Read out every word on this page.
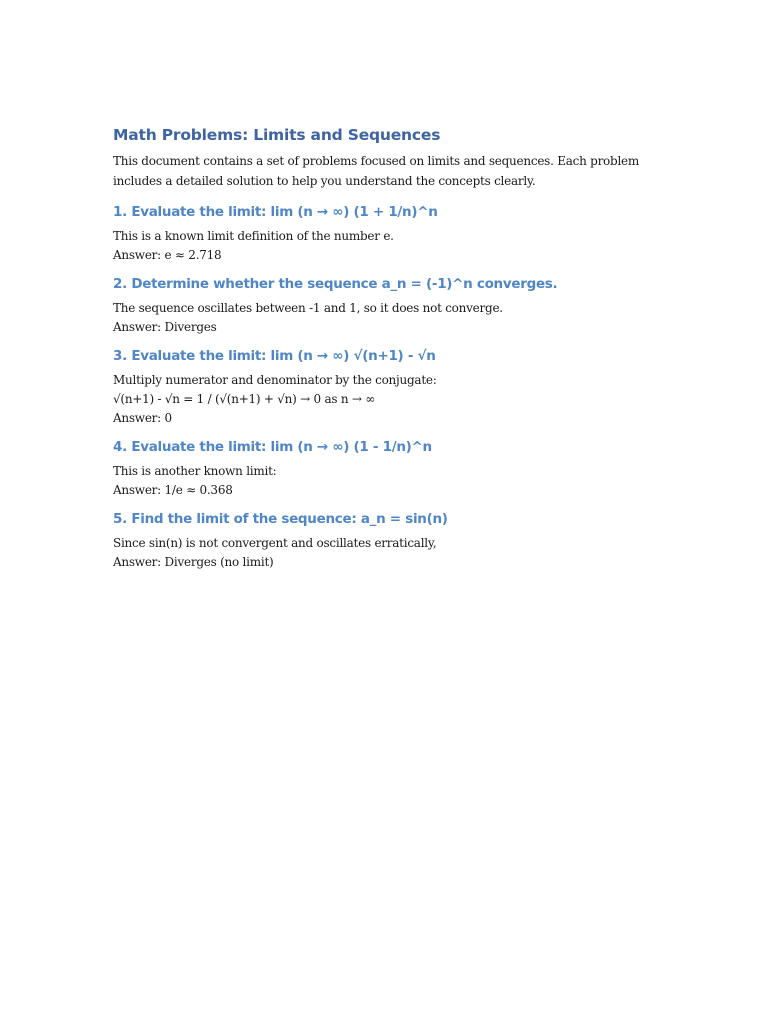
Math Problems: Limits and Sequences

This document contains a set of problems focused on limits and sequences. Each problem includes a detailed solution to help you understand the concepts clearly.

1. Evaluate the limit: lim (n → ∞) (1 + 1/n)^n

This is a known limit definition of the number e.

Answer: e ≈ 2.718

2. Determine whether the sequence a_n = (-1)^n converges.

The sequence oscillates between -1 and 1, so it does not converge.

Answer: Diverges

3. Evaluate the limit: lim (n → ∞) √(n+1) - √n

Multiply numerator and denominator by the conjugate:

√(n+1) - √n = 1 / (√(n+1) + √n) → 0 as n → ∞

Answer: 0

4. Evaluate the limit: lim (n → ∞) (1 - 1/n)^n

This is another known limit:

Answer: 1/e ≈ 0.368

5. Find the limit of the sequence: a_n = sin(n)

Since sin(n) is not convergent and oscillates erratically,

Answer: Diverges (no limit)
